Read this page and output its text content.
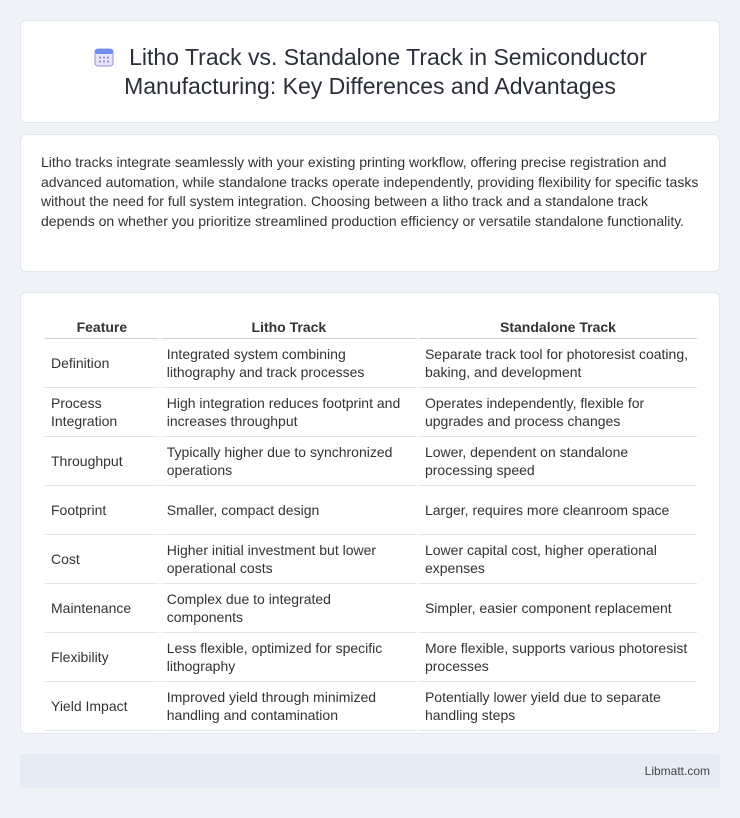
Litho Track vs. Standalone Track in Semiconductor Manufacturing: Key Differences and Advantages

Litho tracks integrate seamlessly with your existing printing workflow, offering precise registration and advanced automation, while standalone tracks operate independently, providing flexibility for specific tasks without the need for full system integration. Choosing between a litho track and a standalone track depends on whether you prioritize streamlined production efficiency or versatile standalone functionality.

Feature	Litho Track	Standalone Track
Definition	Integrated system combining lithography and track processes	Separate track tool for photoresist coating, baking, and development
Process Integration	High integration reduces footprint and increases throughput	Operates independently, flexible for upgrades and process changes
Throughput	Typically higher due to synchronized operations	Lower, dependent on standalone processing speed
Footprint	Smaller, compact design	Larger, requires more cleanroom space
Cost	Higher initial investment but lower operational costs	Lower capital cost, higher operational expenses
Maintenance	Complex due to integrated components	Simpler, easier component replacement
Flexibility	Less flexible, optimized for specific lithography	More flexible, supports various photoresist processes
Yield Impact	Improved yield through minimized handling and contamination	Potentially lower yield due to separate handling steps
Libmatt.com
